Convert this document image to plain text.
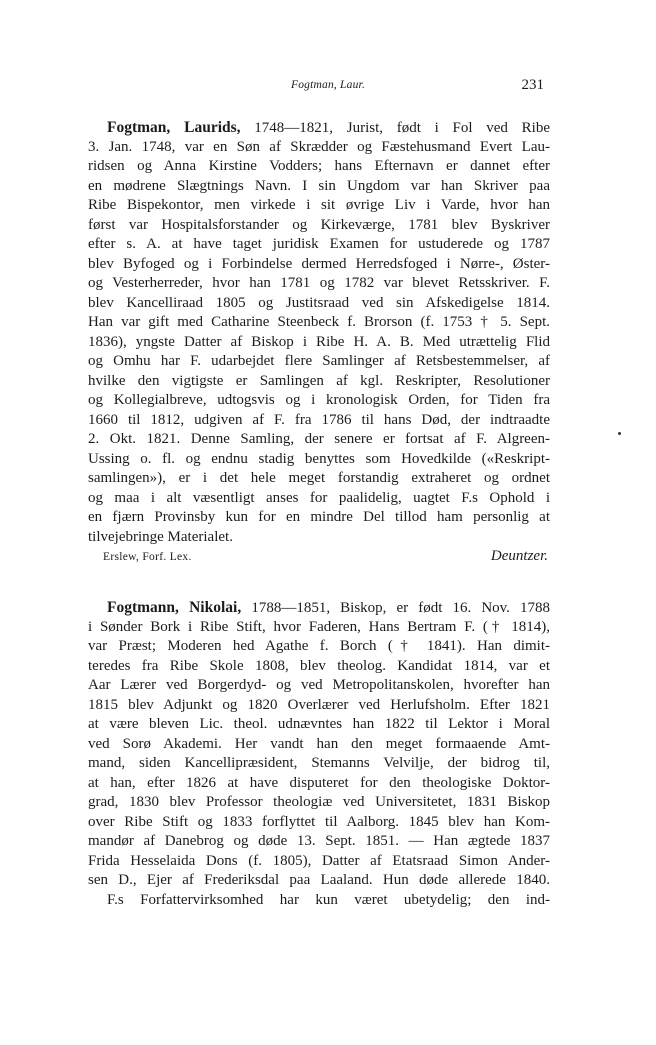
Fogtman, Laur.	231
Fogtman, Laurids, 1748—1821, Jurist, født i Fol ved Ribe
3. Jan. 1748, var en Søn af Skrædder og Fæstehusmand Evert Lau-
ridsen og Anna Kirstine Vodders; hans Efternavn er dannet efter
en mødrene Slægtnings Navn. I sin Ungdom var han Skriver paa
Ribe Bispekontor, men virkede i sit øvrige Liv i Varde, hvor han
først var Hospitalsforstander og Kirkeværge, 1781 blev Byskriver
efter s. A. at have taget juridisk Examen for ustuderede og 1787
blev Byfoged og i Forbindelse dermed Herredsfoged i Nørre-, Øster-
og Vesterherreder, hvor han 1781 og 1782 var blevet Retsskriver. F.
blev Kancelliraad 1805 og Justitsraad ved sin Afskedigelse 1814.
Han var gift med Catharine Steenbeck f. Brorson (f. 1753 † 5. Sept.
1836), yngste Datter af Biskop i Ribe H. A. B. Med utrættelig Flid
og Omhu har F. udarbejdet flere Samlinger af Retsbestemmelser, af
hvilke den vigtigste er Samlingen af kgl. Reskripter, Resolutioner
og Kollegialbreve, udtogsvis og i kronologisk Orden, for Tiden fra
1660 til 1812, udgiven af F. fra 1786 til hans Død, der indtraadte
2. Okt. 1821. Denne Samling, der senere er fortsat af F. Algreen-
Ussing o. fl. og endnu stadig benyttes som Hovedkilde («Reskript-
samlingen»), er i det hele meget forstandig extraheret og ordnet
og maa i alt væsentligt anses for paalidelig, uagtet F.s Ophold i
en fjærn Provinsby kun for en mindre Del tillod ham personlig at
tilvejebringe Materialet.
Erslew, Forf. Lex.	Deuntzer.
Fogtmann, Nikolai, 1788—1851, Biskop, er født 16. Nov. 1788
i Sønder Bork i Ribe Stift, hvor Faderen, Hans Bertram F. († 1814),
var Præst; Moderen hed Agathe f. Borch († 1841). Han dimit-
teredes fra Ribe Skole 1808, blev theolog. Kandidat 1814, var et
Aar Lærer ved Borgerdyd- og ved Metropolitanskolen, hvorefter han
1815 blev Adjunkt og 1820 Overlærer ved Herlufsholm. Efter 1821
at være bleven Lic. theol. udnævntes han 1822 til Lektor i Moral
ved Sorø Akademi. Her vandt han den meget formaaende Amt-
mand, siden Kancellipræsident, Stemanns Velvilje, der bidrog til,
at han, efter 1826 at have disputeret for den theologiske Doktor-
grad, 1830 blev Professor theologiæ ved Universitetet, 1831 Biskop
over Ribe Stift og 1833 forflyttet til Aalborg. 1845 blev han Kom-
mandør af Danebrog og døde 13. Sept. 1851. — Han ægtede 1837
Frida Hesselaida Dons (f. 1805), Datter af Etatsraad Simon Ander-
sen D., Ejer af Frederiksdal paa Laaland. Hun døde allerede 1840.
F.s Forfattervirksomhed har kun været ubetydelig; den ind-
